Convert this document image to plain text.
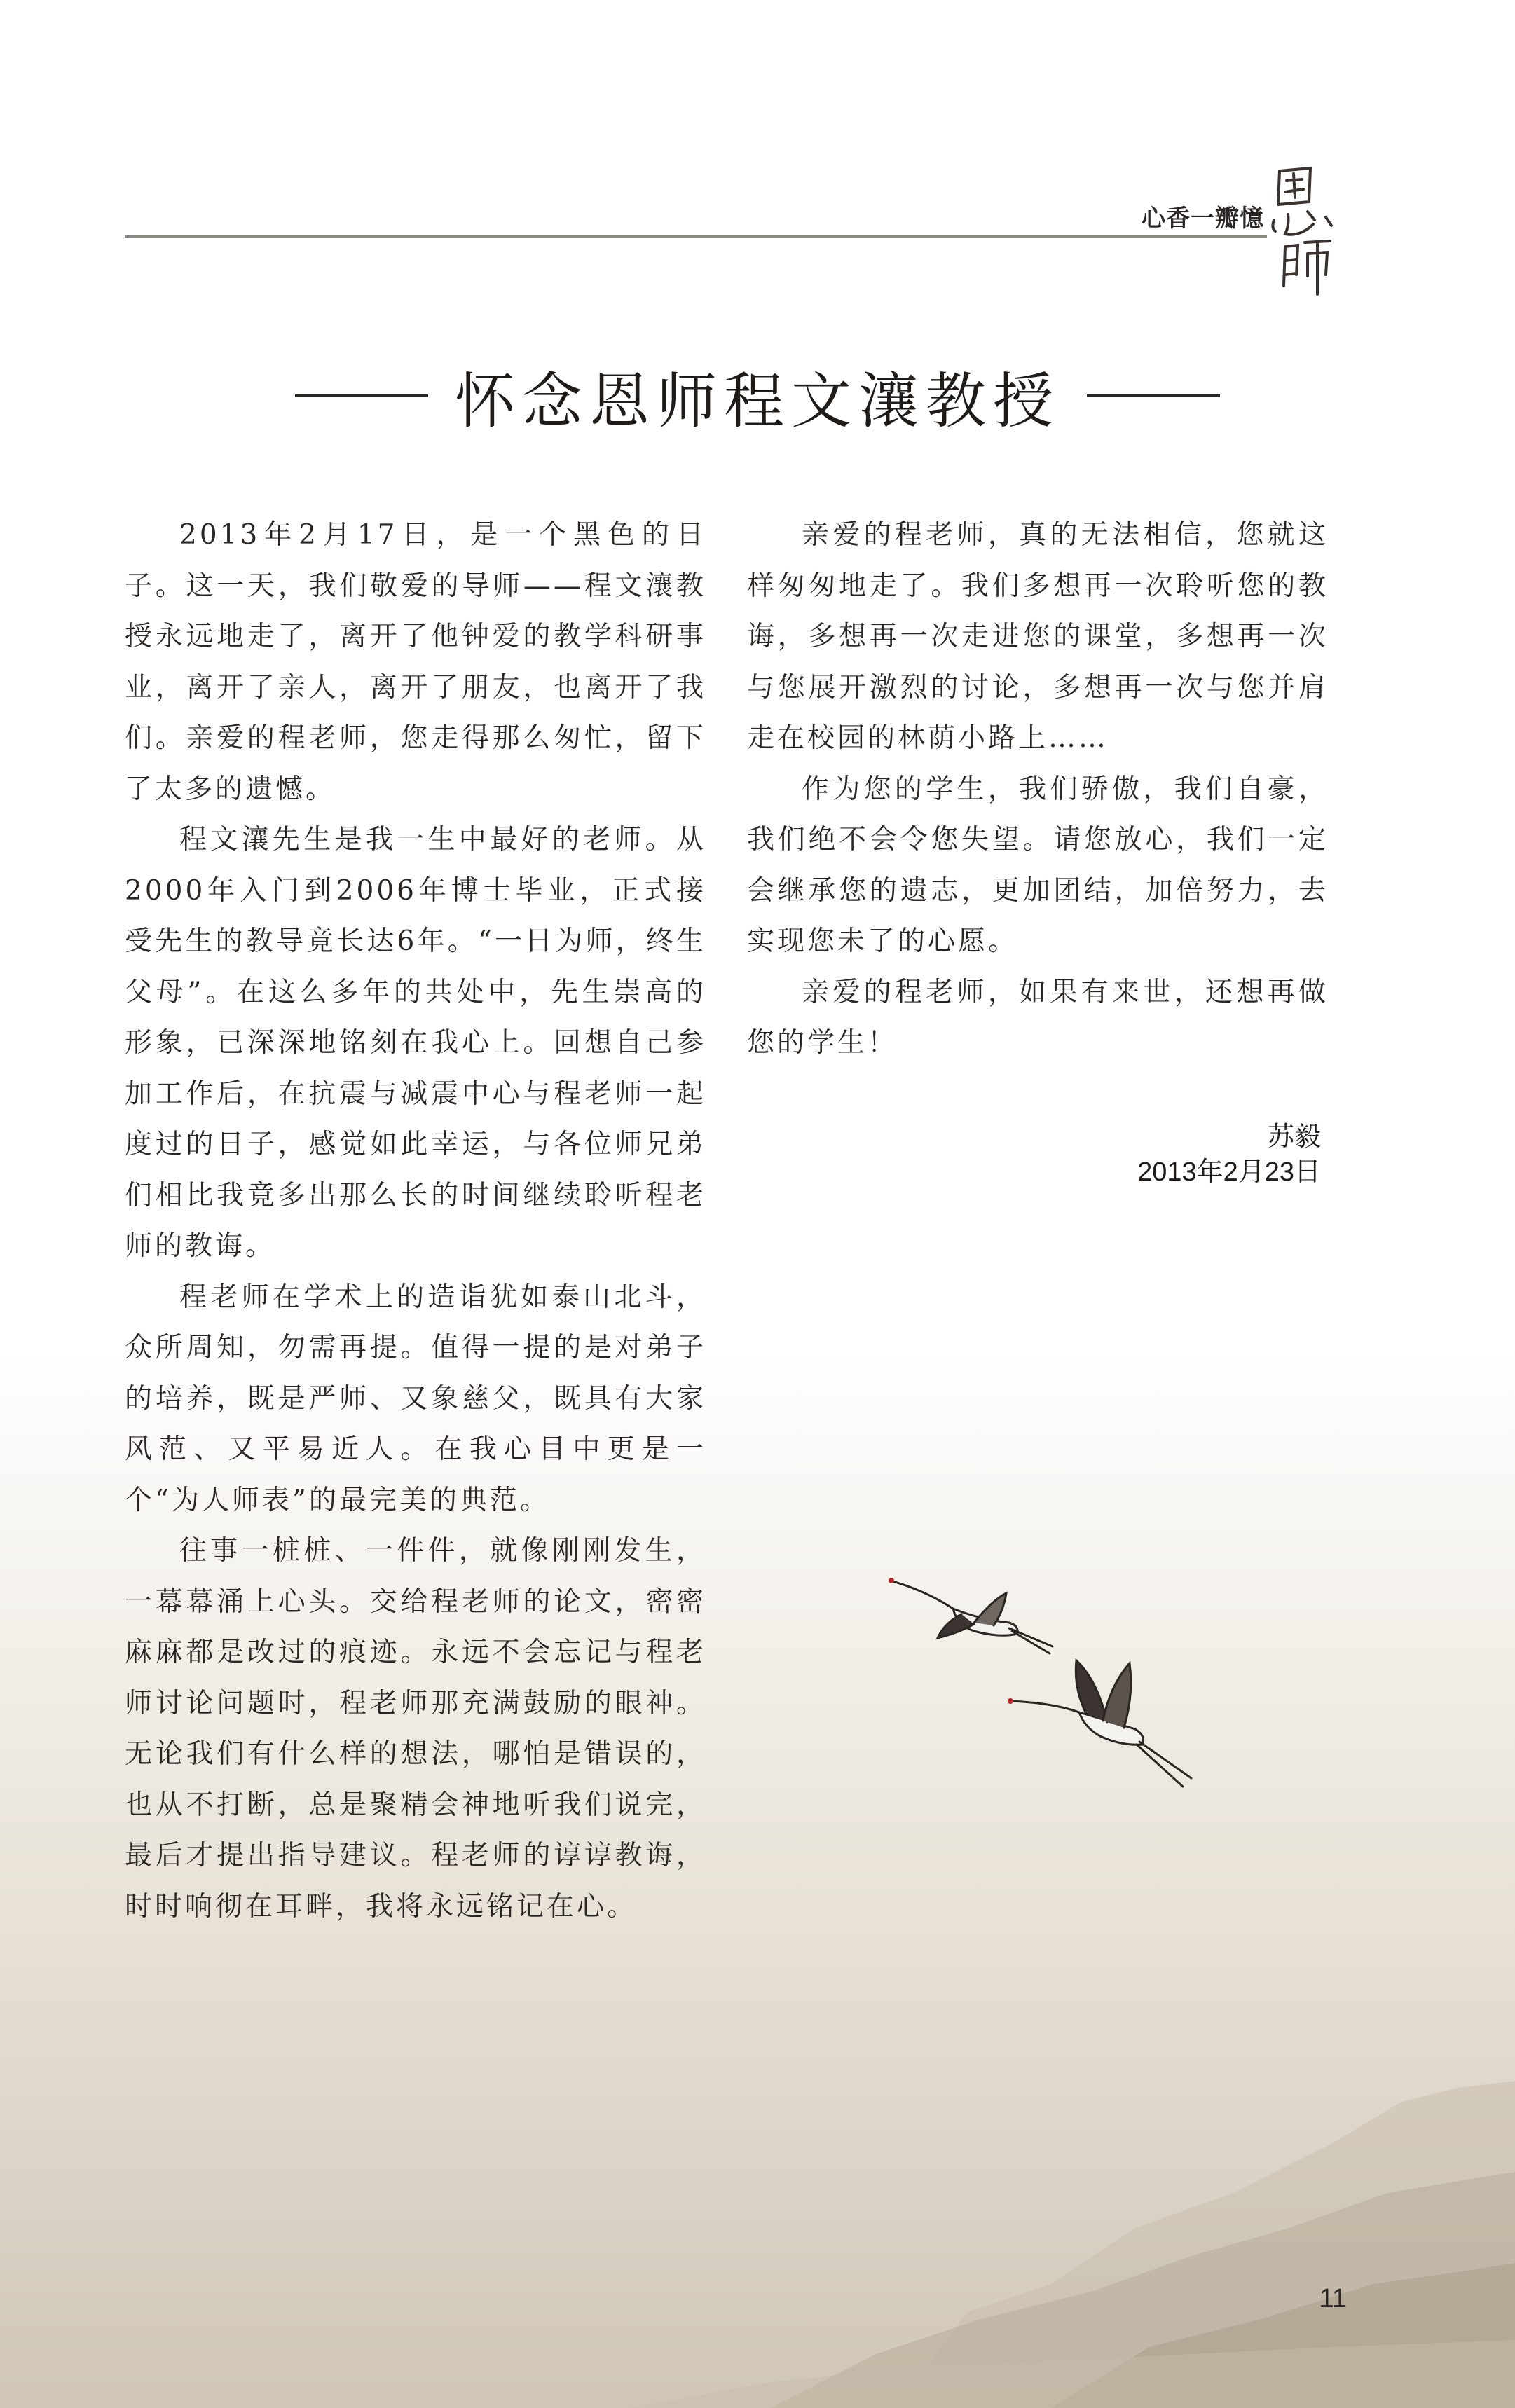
心香一瓣憶
怀念恩师程文瀼教授

2013年2月17日，是一个黑色的日子。这一天，我们敬爱的导师——程文瀼教授永远地走了，离开了他钟爱的教学科研事业，离开了亲人，离开了朋友，也离开了我们。亲爱的程老师，您走得那么匆忙，留下了太多的遗憾。

程文瀼先生是我一生中最好的老师。从2000年入门到2006年博士毕业，正式接受先生的教导竟长达6年。“一日为师，终生父母”。在这么多年的共处中，先生崇高的形象，已深深地铭刻在我心上。回想自己参加工作后，在抗震与减震中心与程老师一起度过的日子，感觉如此幸运，与各位师兄弟们相比我竟多出那么长的时间继续聆听程老师的教诲。

程老师在学术上的造诣犹如泰山北斗，众所周知，勿需再提。值得一提的是对弟子的培养，既是严师、又象慈父，既具有大家风范、又平易近人。在我心目中更是一个“为人师表”的最完美的典范。

往事一桩桩、一件件，就像刚刚发生，一幕幕涌上心头。交给程老师的论文，密密麻麻都是改过的痕迹。永远不会忘记与程老师讨论问题时，程老师那充满鼓励的眼神。无论我们有什么样的想法，哪怕是错误的，也从不打断，总是聚精会神地听我们说完，最后才提出指导建议。程老师的谆谆教诲，时时响彻在耳畔，我将永远铭记在心。

亲爱的程老师，真的无法相信，您就这样匆匆地走了。我们多想再一次聆听您的教诲，多想再一次走进您的课堂，多想再一次与您展开激烈的讨论，多想再一次与您并肩走在校园的林荫小路上……

作为您的学生，我们骄傲，我们自豪，我们绝不会令您失望。请您放心，我们一定会继承您的遗志，更加团结，加倍努力，去实现您未了的心愿。

亲爱的程老师，如果有来世，还想再做您的学生！

苏毅
2013年2月23日
11
